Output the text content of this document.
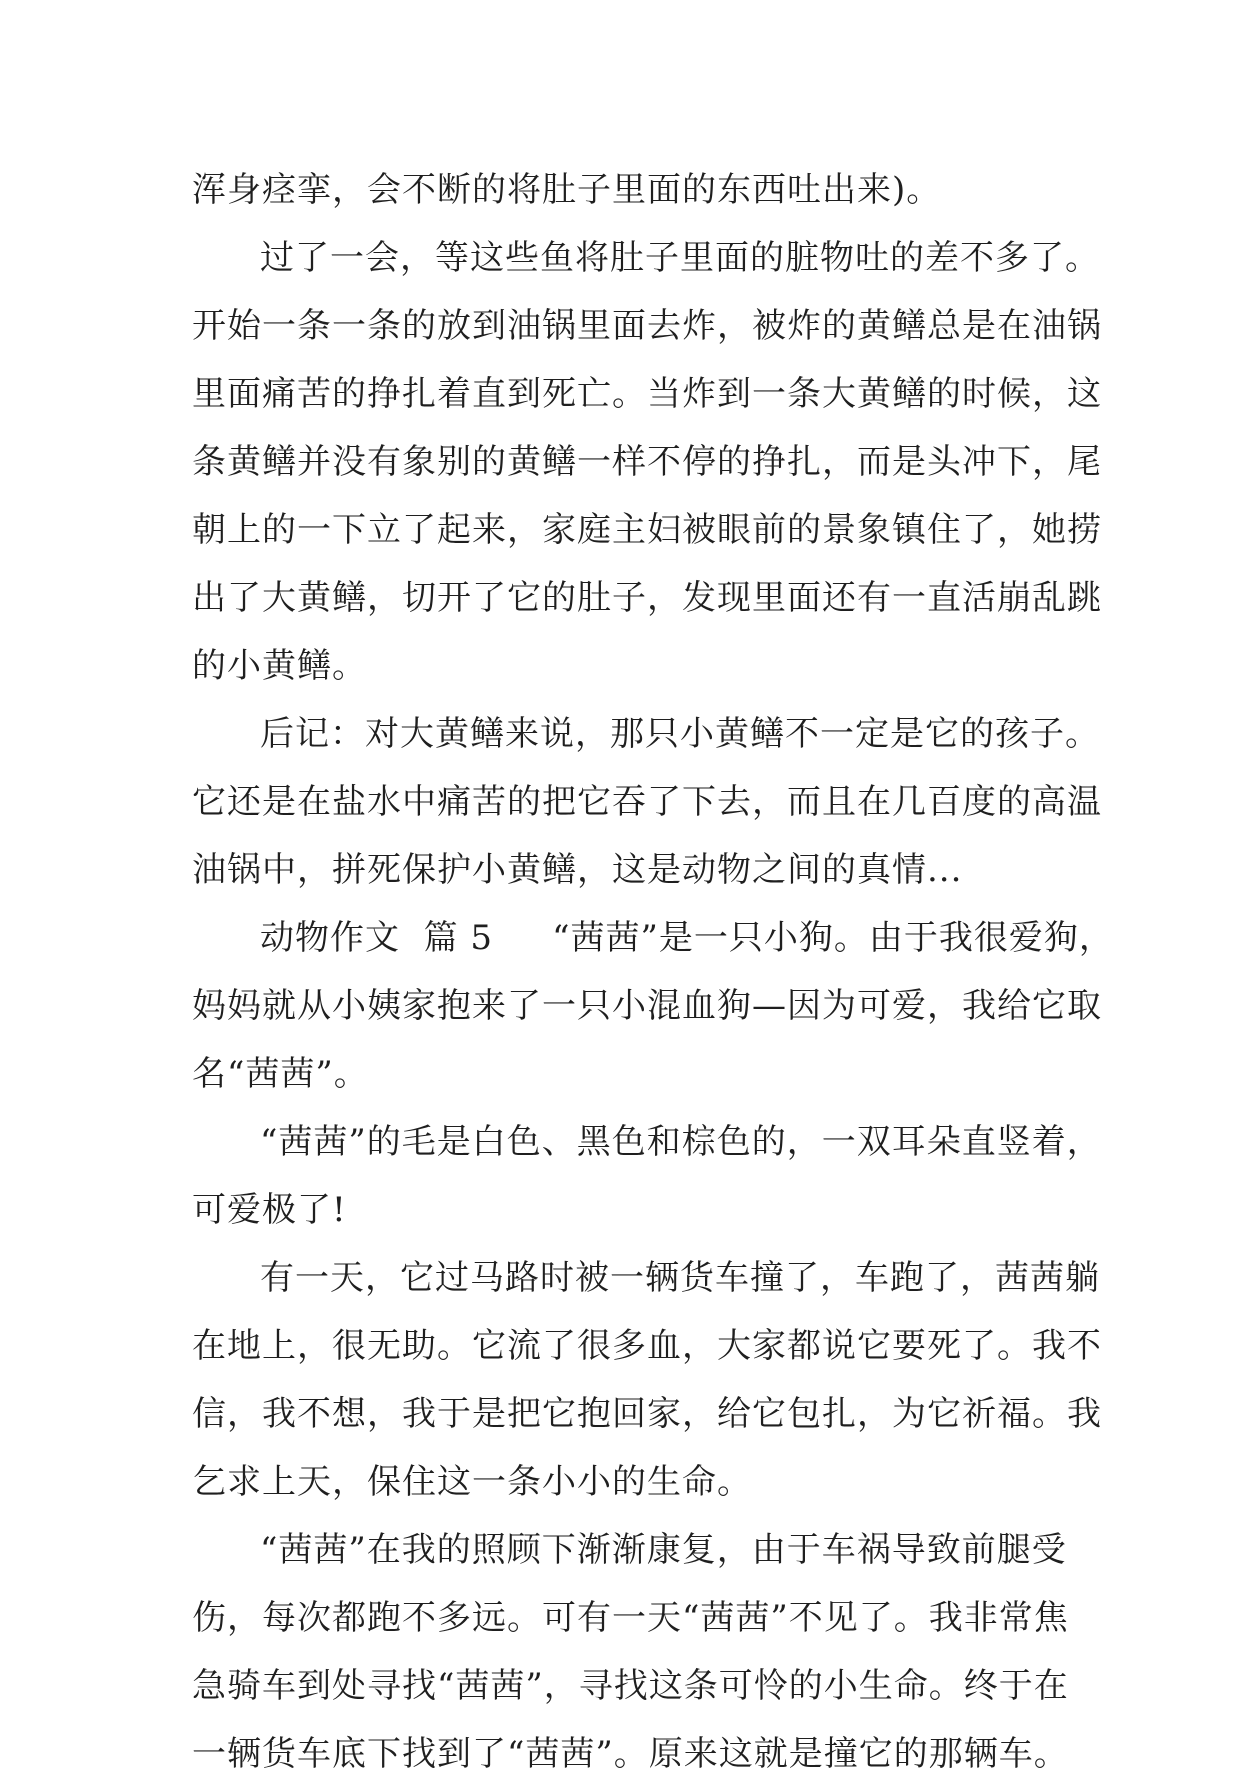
浑身痉挛，会不断的将肚子里面的东西吐出来)。
过了一会，等这些鱼将肚子里面的脏物吐的差不多了。
开始一条一条的放到油锅里面去炸，被炸的黄鳝总是在油锅
里面痛苦的挣扎着直到死亡。当炸到一条大黄鳝的时候，这
条黄鳝并没有象别的黄鳝一样不停的挣扎，而是头冲下，尾
朝上的一下立了起来，家庭主妇被眼前的景象镇住了，她捞
出了大黄鳝，切开了它的肚子，发现里面还有一直活崩乱跳
的小黄鳝。
后记：对大黄鳝来说，那只小黄鳝不一定是它的孩子。
它还是在盐水中痛苦的把它吞了下去，而且在几百度的高温
油锅中，拼死保护小黄鳝，这是动物之间的真情...
动物作文  篇 5     “茜茜”是一只小狗。由于我很爱狗，
妈妈就从小姨家抱来了一只小混血狗—因为可爱，我给它取
名“茜茜”。
“茜茜”的毛是白色、黑色和棕色的，一双耳朵直竖着，
可爱极了!
有一天，它过马路时被一辆货车撞了，车跑了，茜茜躺
在地上，很无助。它流了很多血，大家都说它要死了。我不
信，我不想，我于是把它抱回家，给它包扎，为它祈福。我
乞求上天，保住这一条小小的生命。
“茜茜”在我的照顾下渐渐康复，由于车祸导致前腿受
伤，每次都跑不多远。可有一天“茜茜”不见了。我非常焦
急骑车到处寻找“茜茜”，寻找这条可怜的小生命。终于在
一辆货车底下找到了“茜茜”。原来这就是撞它的那辆车。
